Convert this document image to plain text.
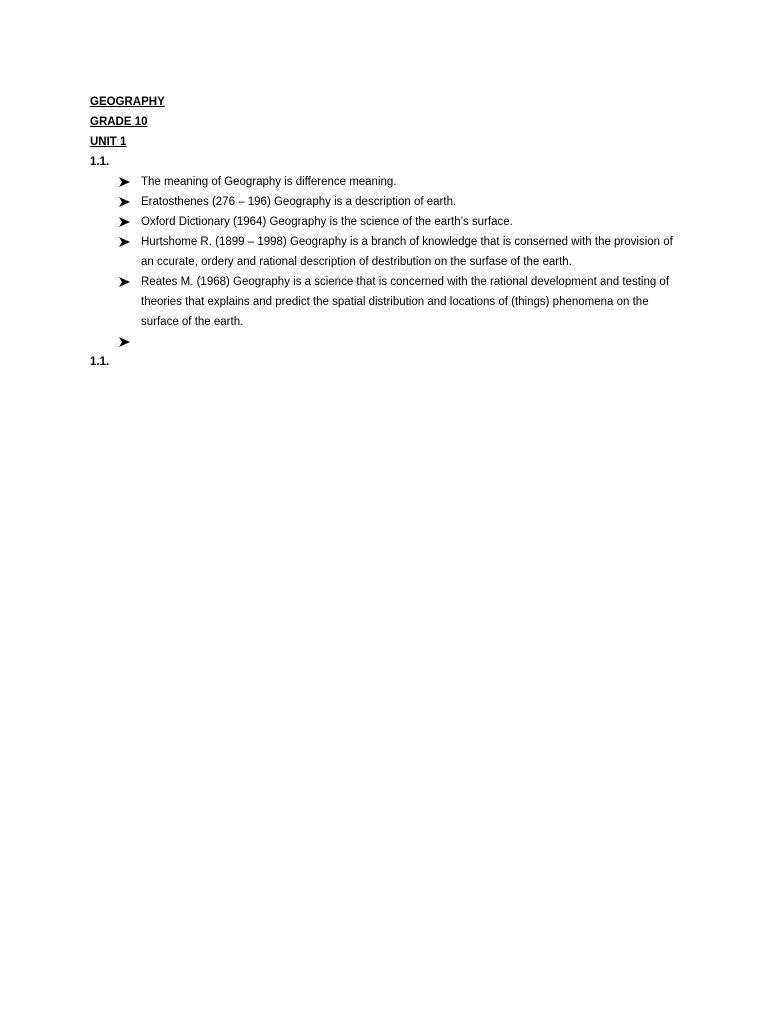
GEOGRAPHY
GRADE 10
UNIT 1
1.1.
The meaning of Geography is difference meaning.
Eratosthenes (276 – 196) Geography is a description of earth.
Oxford Dictionary (1964) Geography is the science of the earth’s surface.
Hurtshome R. (1899 – 1998) Geography is a branch of knowledge that is conserned with the provision of an ccurate, ordery and rational description of destribution on the surfase of the earth.
Reates M. (1968) Geography is a science that is concerned with the rational development and testing of theories that explains and predict the spatial distribution and locations of (things) phenomena on the surface of the earth.
1.1.
